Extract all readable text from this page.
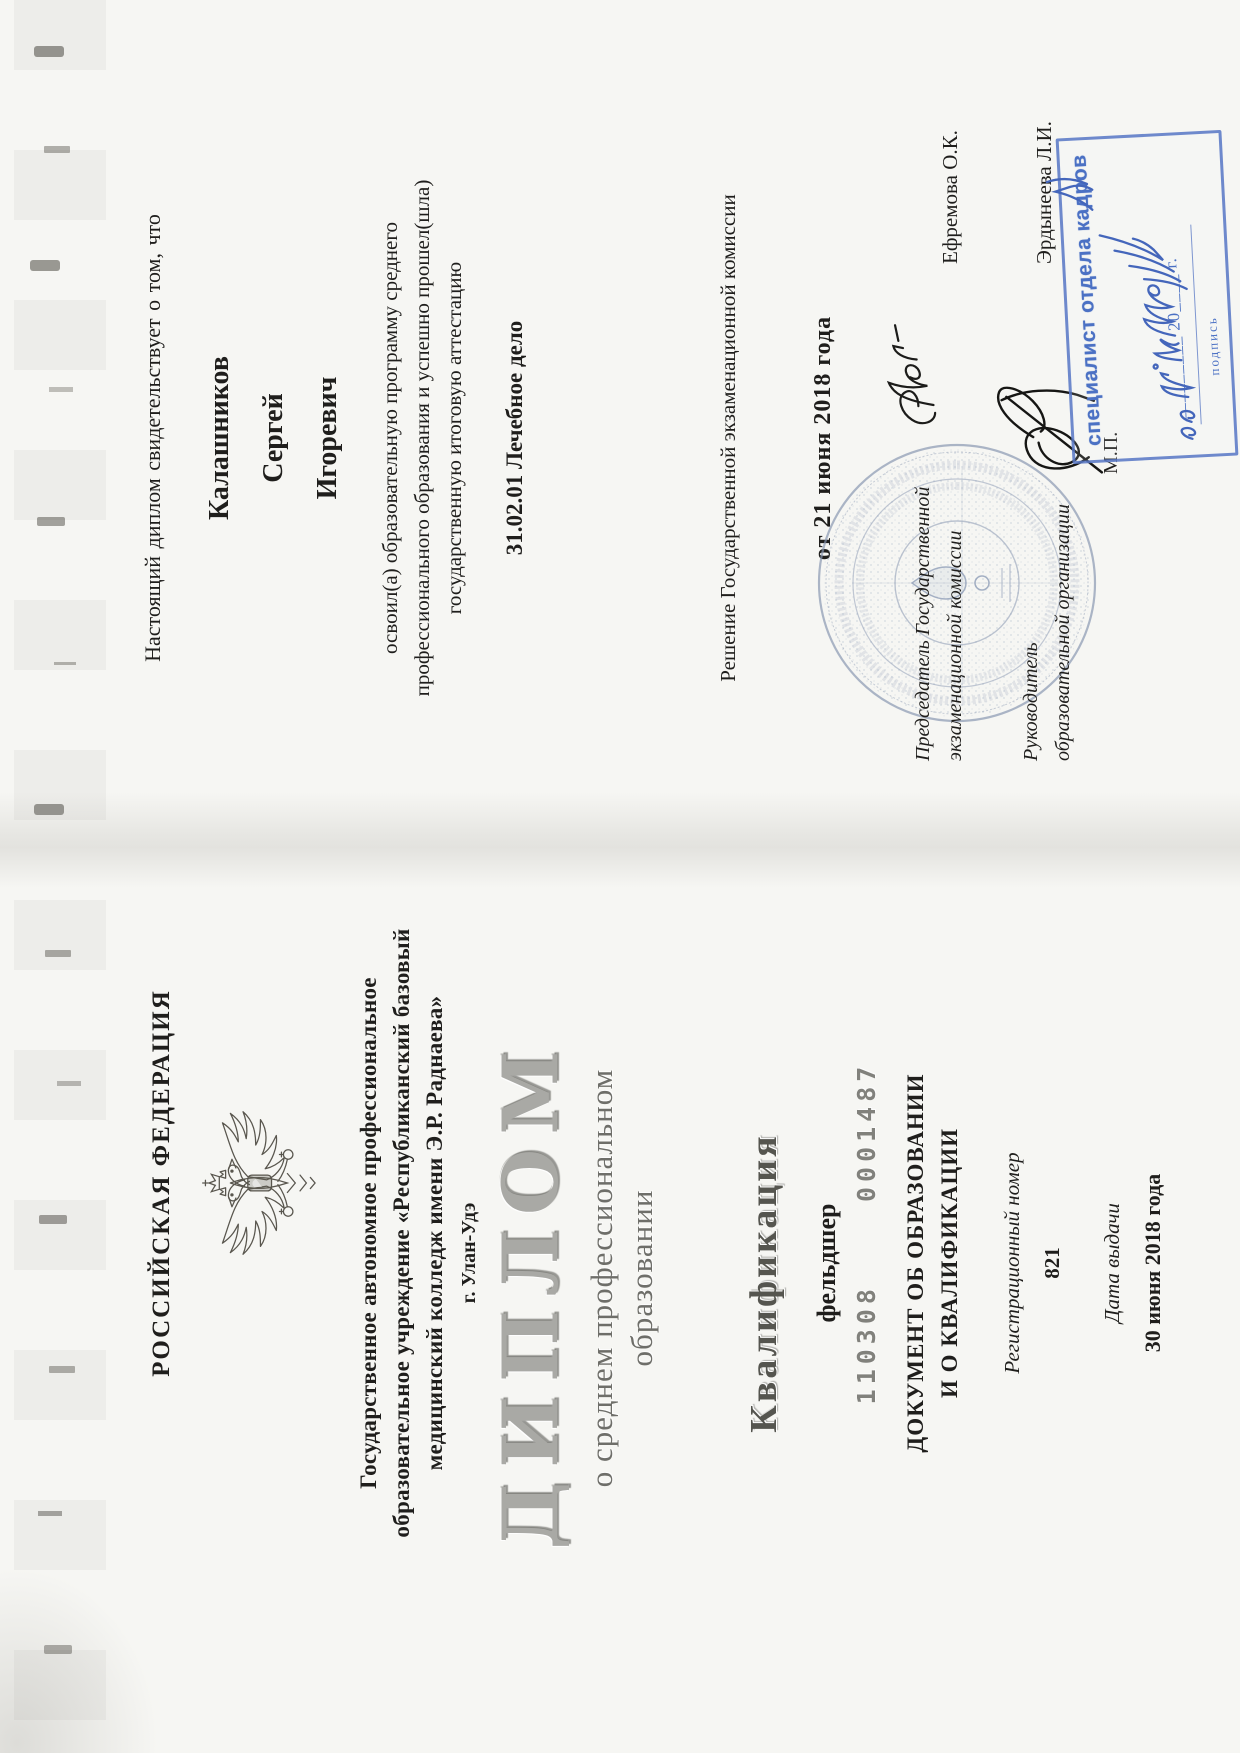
РОССИЙСКАЯ ФЕДЕРАЦИЯ	Государственное автономное профессиональное образовательное учреждение «Республиканский базовый медицинский колледж имени Э.Р. Раднаева» г. Улан-Удэ ДИПЛОМ о среднем профессиональном образовании Квалификация фельдшер
1103080001487 ДОКУМЕНТ ОБ ОБРАЗОВАНИИ И О КВАЛИФИКАЦИИ Регистрационный номер 821 Дата выдачи 30 июня 2018 года
Настоящий диплом свидетельствует о том, что Калашников Сергей Игоревич освоил(а) образовательную программу среднего профессионального образования и успешно прошел(шла) государственную итоговую аттестацию 31.02.01 Лечебное дело	Решение Государственной экзаменационной комиссии	от 21 июня 2018 года
Председатель Государственной экзаменационной комиссии
Ефремова О.К.
Руководитель образовательной организации
Эрдынеева Л.И.
М.П.
специалист отдела кадров	_________ 20____ г. подпись
